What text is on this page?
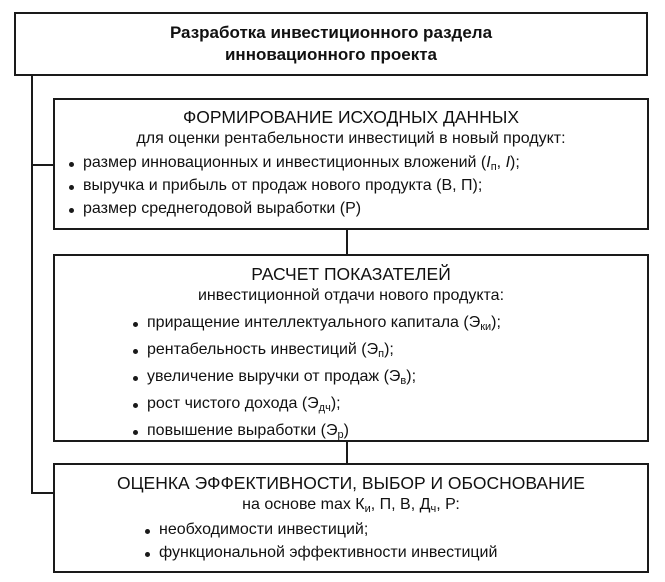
Разработка инвестиционного раздела
инновационного проекта
ФОРМИРОВАНИЕ ИСХОДНЫХ ДАННЫХ
для оценки рентабельности инвестиций в новый продукт:
размер инновационных и инвестиционных вложений ($I_п$, I);
выручка и прибыль от продаж нового продукта (В, П);
размер среднегодовой выработки (Р)
РАСЧЕТ ПОКАЗАТЕЛЕЙ
инвестиционной отдачи нового продукта:
приращение интеллектуального капитала $(Э_{ки})$;
рентабельность инвестиций $(Э_п)$;
увеличение выручки от продаж $(Э_в)$;
рост чистого дохода $(Э_{дч})$;
повышение выработки $(Э_р)$
ОЦЕНКА ЭФФЕКТИВНОСТИ, ВЫБОР И ОБОСНОВАНИЕ
на основе $\max К_и$, П, В, $Д_ч$, Р:
необходимости инвестиций;
функциональной эффективности инвестиций
